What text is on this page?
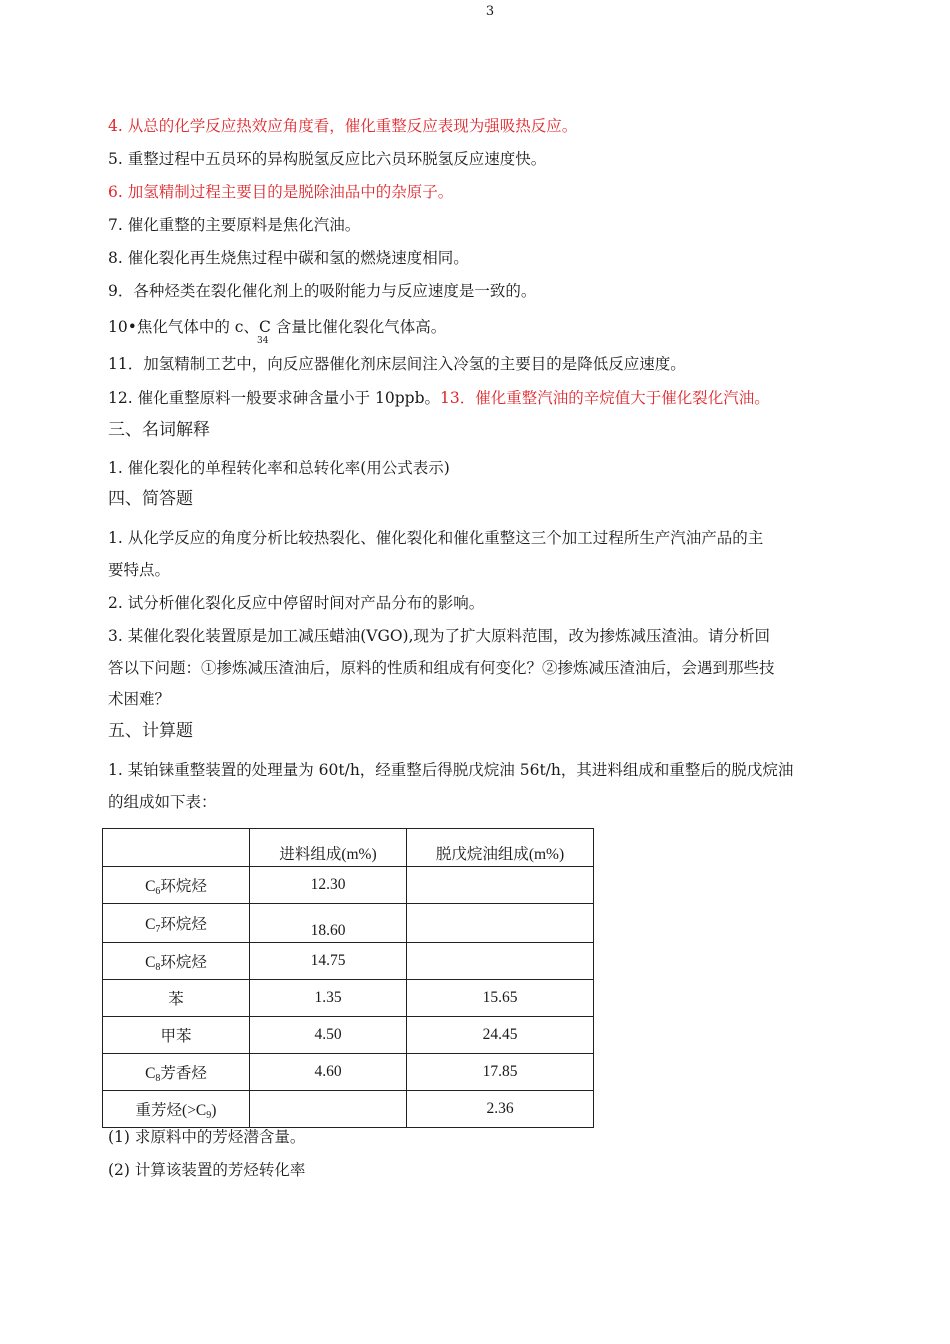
3
4. 从总的化学反应热效应角度看，催化重整反应表现为强吸热反应。
5. 重整过程中五员环的异构脱氢反应比六员环脱氢反应速度快。
6. 加氢精制过程主要目的是脱除油品中的杂原子。
7. 催化重整的主要原料是焦化汽油。
8. 催化裂化再生烧焦过程中碳和氢的燃烧速度相同。
9．各种烃类在裂化催化剂上的吸附能力与反应速度是一致的。
10•焦化气体中的 c、C 含量比催化裂化气体高。
34
11．加氢精制工艺中，向反应器催化剂床层间注入冷氢的主要目的是降低反应速度。
12. 催化重整原料一般要求砷含量小于 10ppb。13．催化重整汽油的辛烷值大于催化裂化汽油。
三、名词解释
1. 催化裂化的单程转化率和总转化率(用公式表示)
四、简答题
1. 从化学反应的角度分析比较热裂化、催化裂化和催化重整这三个加工过程所生产汽油产品的主
要特点。
2. 试分析催化裂化反应中停留时间对产品分布的影响。
3. 某催化裂化装置原是加工减压蜡油(VGO),现为了扩大原料范围，改为掺炼减压渣油。请分析回
答以下问题：①掺炼减压渣油后，原料的性质和组成有何变化？②掺炼减压渣油后，会遇到那些技
术困难？
五、计算题
1. 某铂铼重整装置的处理量为 60t/h，经重整后得脱戊烷油 56t/h，其进料组成和重整后的脱戊烷油
的组成如下表：
	进料组成(m%)	脱戊烷油组成(m%)
$C_6$环烷烃	12.30	
$C_7$环烷烃	18.60	
$C_8$环烷烃	14.75	
苯	1.35	15.65
甲苯	4.50	24.45
$C_8$芳香烃	4.60	17.85
重芳烃$(>C_9)$		2.36
(1) 求原料中的芳烃潜含量。
(2) 计算该装置的芳烃转化率
